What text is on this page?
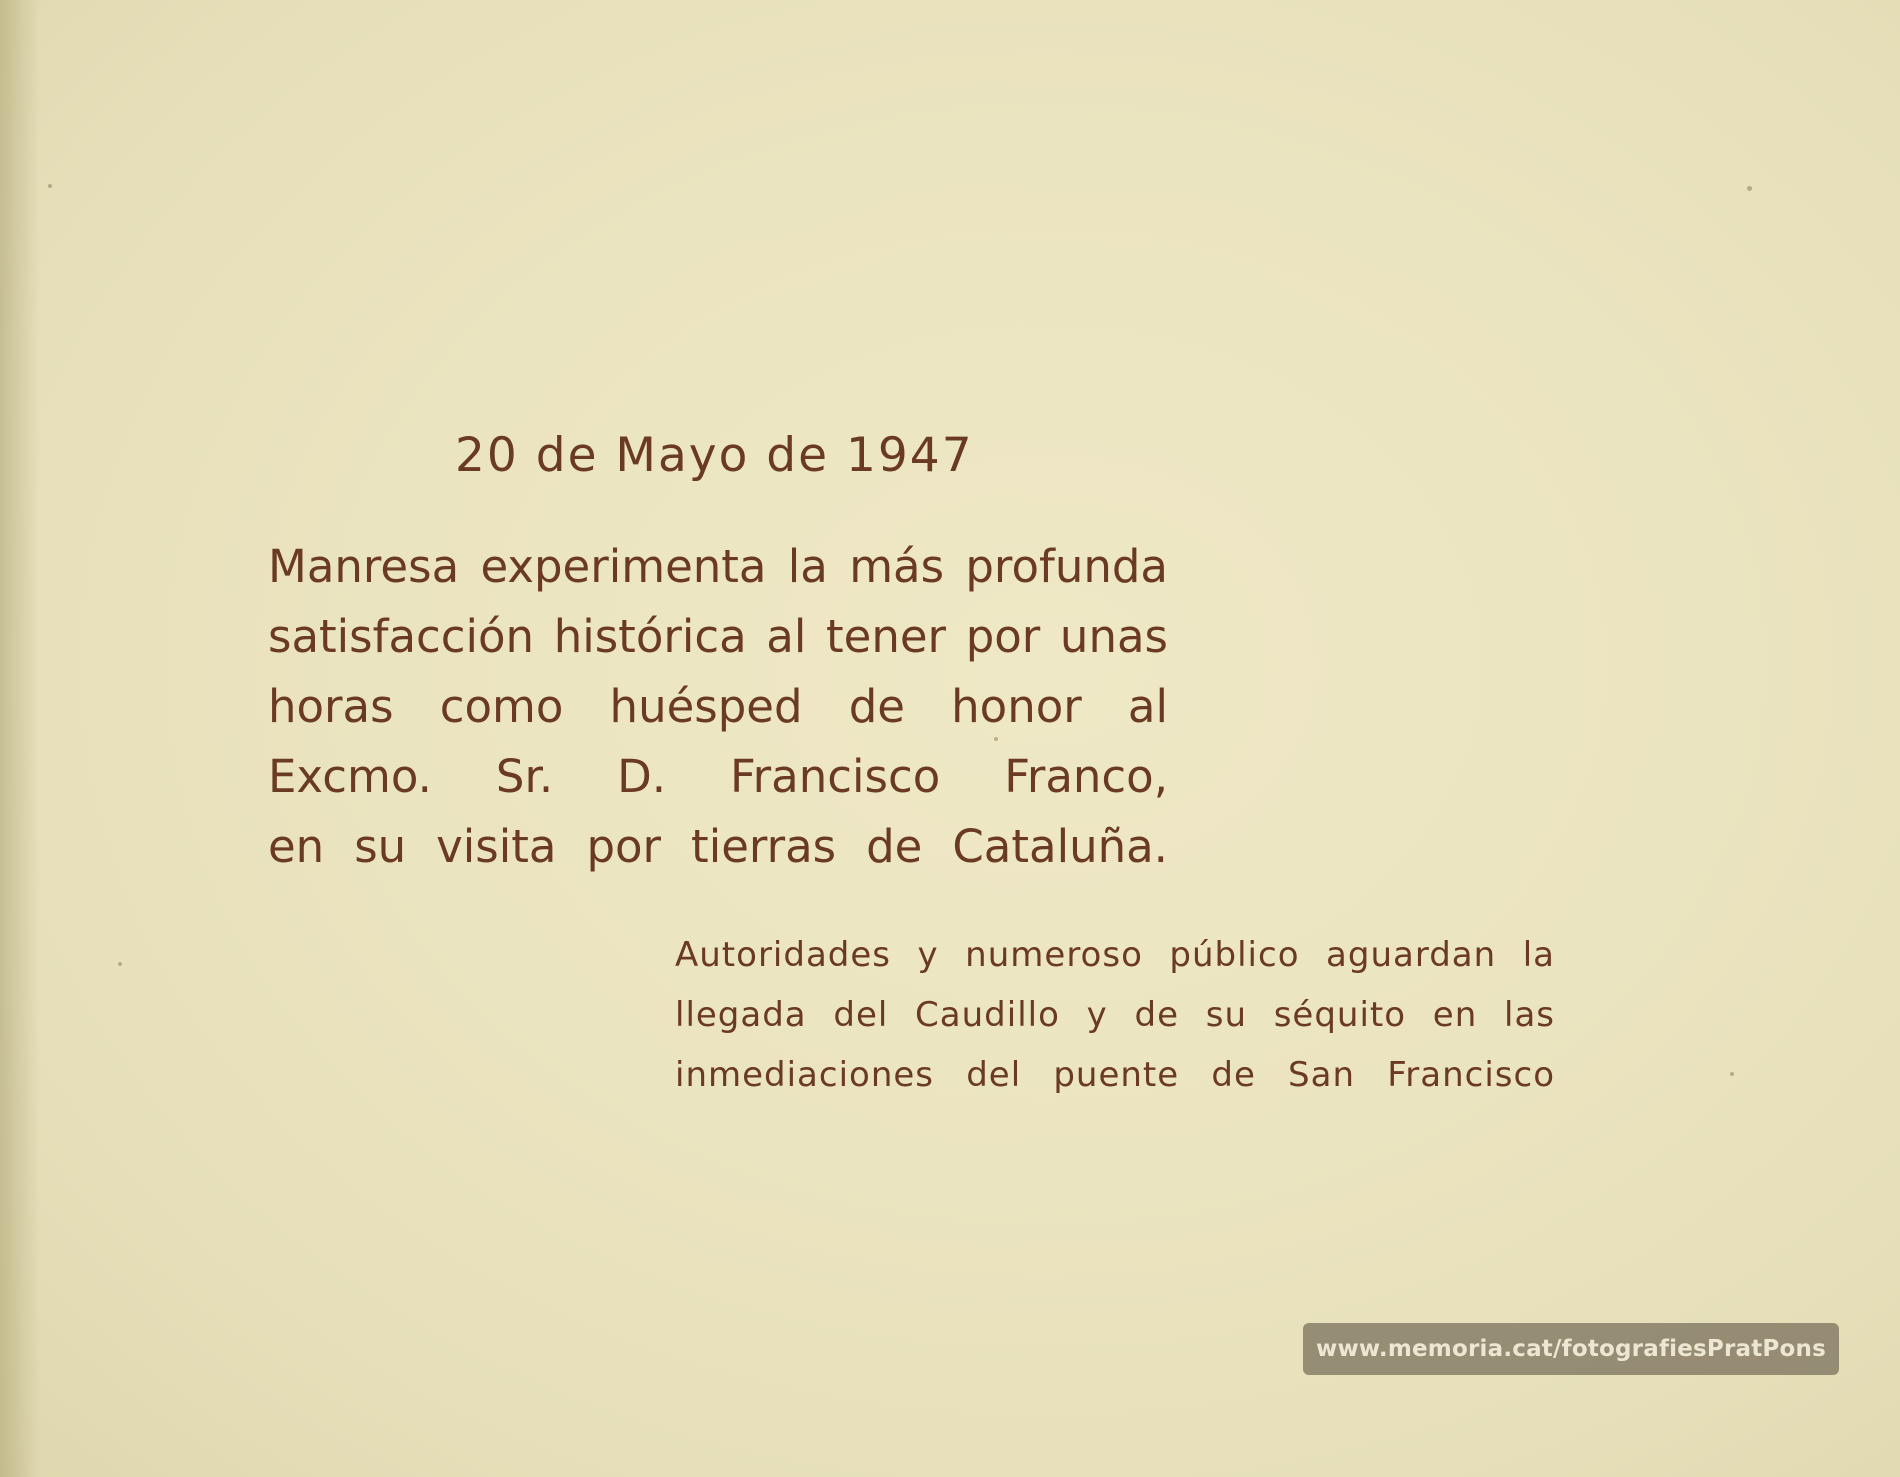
20 de Mayo de 1947
Manresa experimenta la más profunda
satisfacción histórica al tener por unas
horas como huésped de honor al
Excmo. Sr. D. Francisco Franco,
en su visita por tierras de Cataluña.
Autoridades y numeroso público aguardan la
llegada del Caudillo y de su séquito en las
inmediaciones del puente de San Francisco
www.memoria.cat/fotografiesPratPons
